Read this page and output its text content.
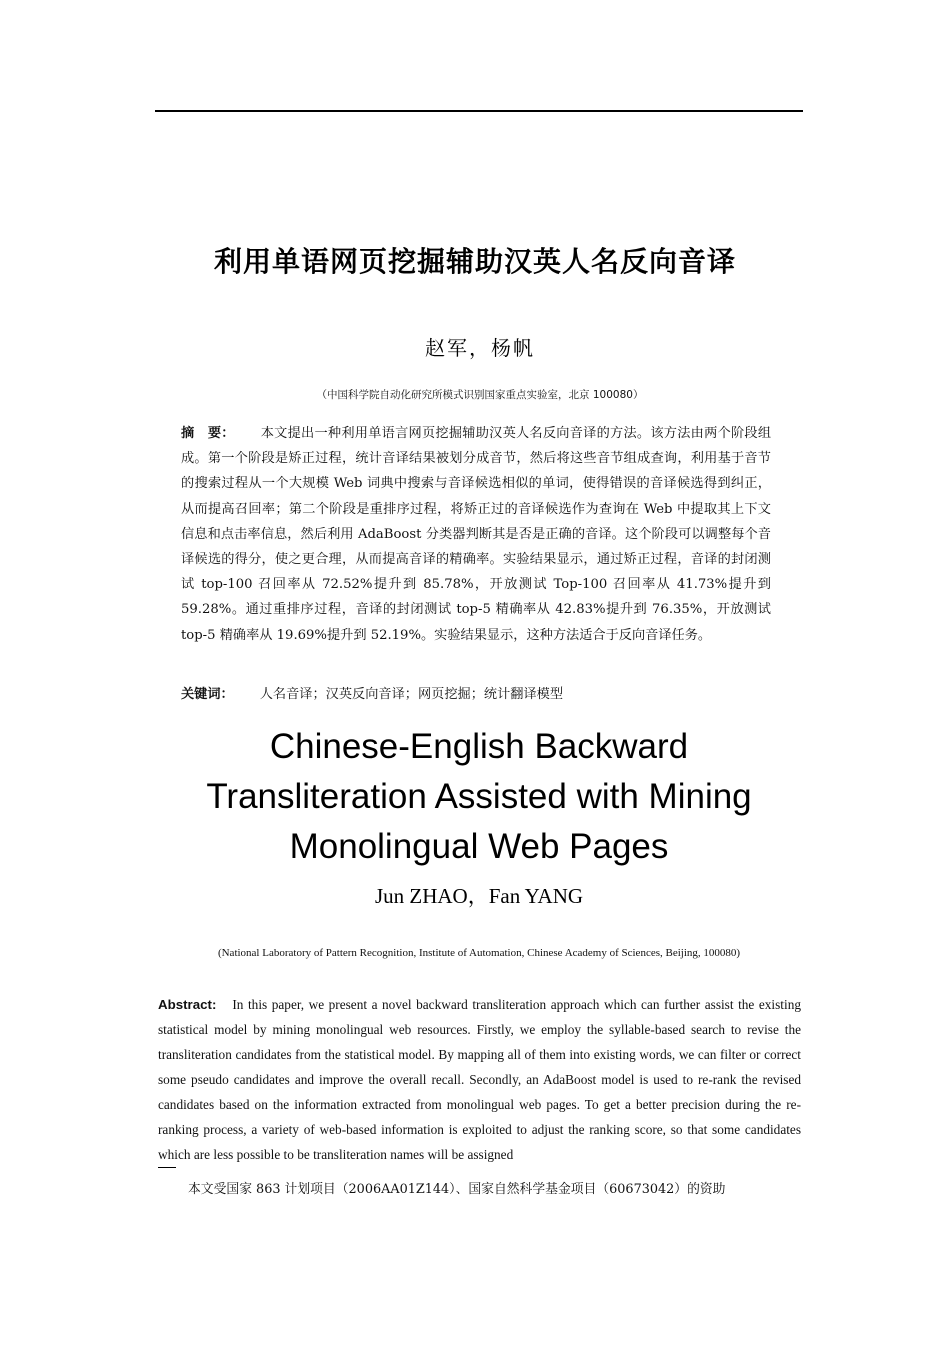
利用单语网页挖掘辅助汉英人名反向音译
赵军，杨帆
（中国科学院自动化研究所模式识别国家重点实验室，北京 100080）
摘　要： 本文提出一种利用单语言网页挖掘辅助汉英人名反向音译的方法。该方法由两个阶段组成。第一个阶段是矫正过程，统计音译结果被划分成音节，然后将这些音节组成查询，利用基于音节的搜索过程从一个大规模 Web 词典中搜索与音译候选相似的单词，使得错误的音译候选得到纠正，从而提高召回率；第二个阶段是重排序过程，将矫正过的音译候选作为查询在 Web 中提取其上下文信息和点击率信息，然后利用 AdaBoost 分类器判断其是否是正确的音译。这个阶段可以调整每个音译候选的得分，使之更合理，从而提高音译的精确率。实验结果显示，通过矫正过程，音译的封闭测试 top-100 召回率从 72.52%提升到 85.78%，开放测试 Top-100 召回率从 41.73%提升到 59.28%。通过重排序过程，音译的封闭测试 top-5 精确率从 42.83%提升到 76.35%，开放测试 top-5 精确率从 19.69%提升到 52.19%。实验结果显示，这种方法适合于反向音译任务。
关键词： 人名音译；汉英反向音译；网页挖掘；统计翻译模型
Chinese-English Backward
Transliteration Assisted with Mining
Monolingual Web Pages
Jun ZHAO，Fan YANG
(National Laboratory of Pattern Recognition, Institute of Automation, Chinese Academy of Sciences, Beijing, 100080)
Abstract: In this paper, we present a novel backward transliteration approach which can further assist the existing statistical model by mining monolingual web resources. Firstly, we employ the syllable-based search to revise the transliteration candidates from the statistical model. By mapping all of them into existing words, we can filter or correct some pseudo candidates and improve the overall recall. Secondly, an AdaBoost model is used to re-rank the revised candidates based on the information extracted from monolingual web pages. To get a better precision during the re-ranking process, a variety of web-based information is exploited to adjust the ranking score, so that some candidates which are less possible to be transliteration names will be assigned
本文受国家 863 计划项目（2006AA01Z144）、国家自然科学基金项目（60673042）的资助
